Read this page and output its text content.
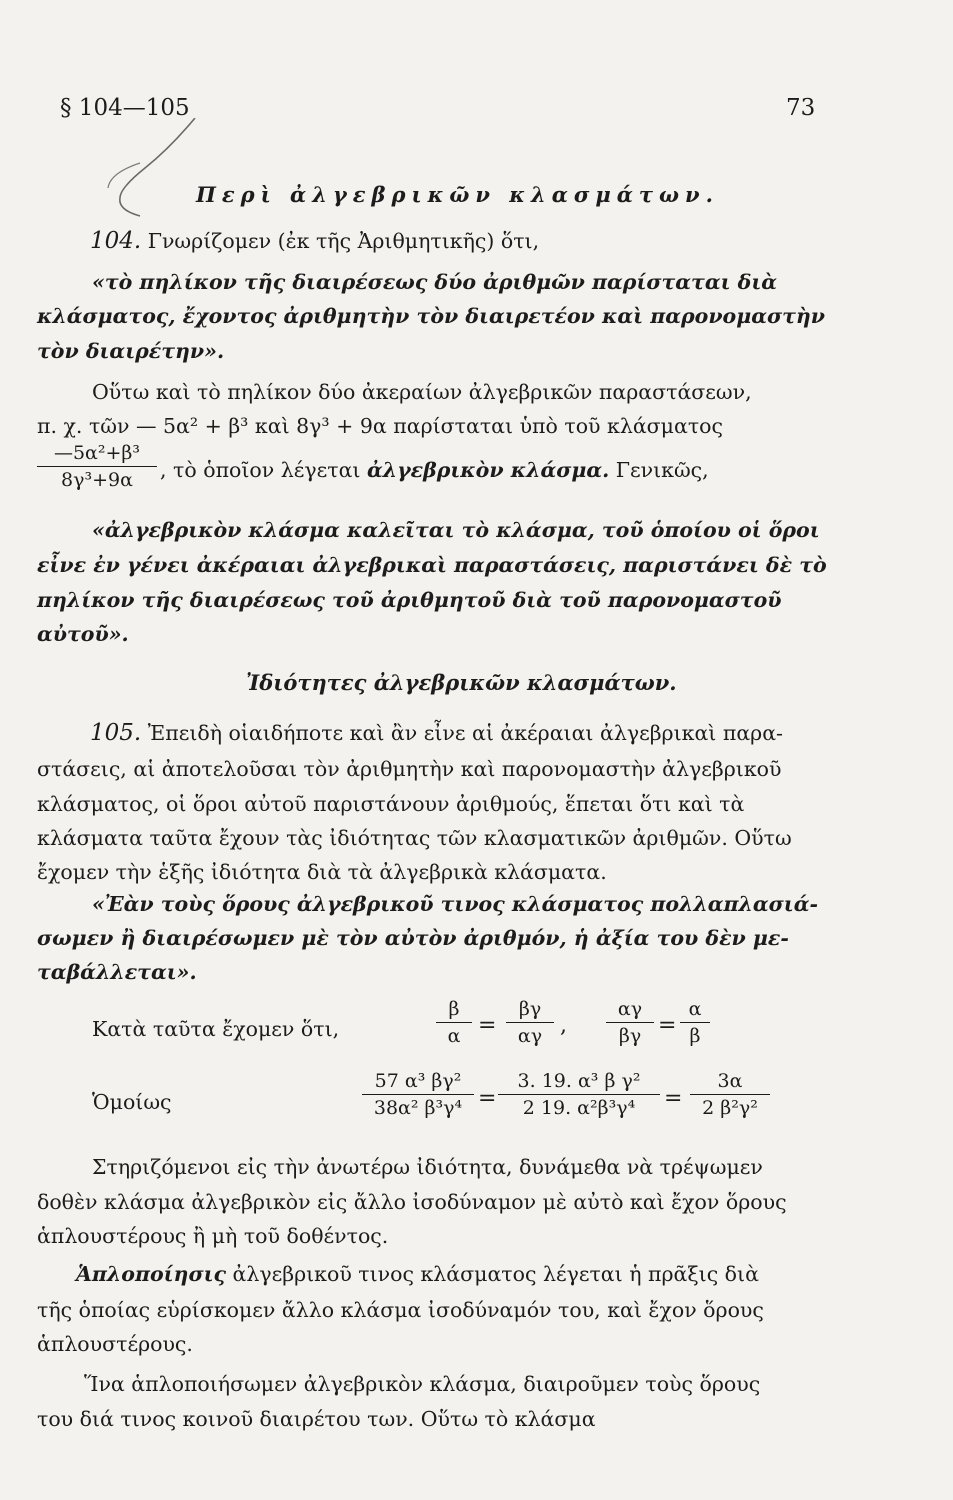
§ 104—105	73
Περὶ ἀλγεβρικῶν κλασμάτων.
104. Γνωρίζομεν (ἐκ τῆς Ἀριθμητικῆς) ὅτι,
«τὸ πηλίκον τῆς διαιρέσεως δύο ἀριθμῶν παρίσταται διὰ
κλάσματος, ἔχοντος ἀριθμητὴν τὸν διαιρετέον καὶ παρονομαστὴν
τὸν διαιρέτην».
Οὕτω καὶ τὸ πηλίκον δύο ἀκεραίων ἀλγεβρικῶν παραστάσεων,
π. χ. τῶν — 5α² + β³ καὶ 8γ³ + 9α παρίσταται ὑπὸ τοῦ κλάσματος
—5α²+β³
8γ³+9α	, τὸ ὁποῖον λέγεται ἀλγεβρικὸν κλάσμα. Γενικῶς,
«ἀλγεβρικὸν κλάσμα καλεῖται τὸ κλάσμα, τοῦ ὁποίου οἱ ὅροι
εἶνε ἐν γένει ἀκέραιαι ἀλγεβρικαὶ παραστάσεις, παριστάνει δὲ τὸ
πηλίκον τῆς διαιρέσεως τοῦ ἀριθμητοῦ διὰ τοῦ παρονομαστοῦ
αὐτοῦ».
Ἰδιότητες ἀλγεβρικῶν κλασμάτων.
105. Ἐπειδὴ οἱαιδήποτε καὶ ἂν εἶνε αἱ ἀκέραιαι ἀλγεβρικαὶ παρα-
στάσεις, αἱ ἀποτελοῦσαι τὸν ἀριθμητὴν καὶ παρονομαστὴν ἀλγεβρικοῦ
κλάσματος, οἱ ὅροι αὐτοῦ παριστάνουν ἀριθμούς, ἕπεται ὅτι καὶ τὰ
κλάσματα ταῦτα ἔχουν τὰς ἰδιότητας τῶν κλασματικῶν ἀριθμῶν. Οὕτω
ἔχομεν τὴν ἑξῆς ἰδιότητα διὰ τὰ ἀλγεβρικὰ κλάσματα.
«Ἐὰν τοὺς ὅρους ἀλγεβρικοῦ τινος κλάσματος πολλαπλασιά-
σωμεν ἢ διαιρέσωμεν μὲ τὸν αὐτὸν ἀριθμόν, ἡ ἀξία του δὲν με-
ταβάλλεται».
Κατὰ ταῦτα ἔχομεν ὅτι,
β
α =
βγ
αγ ,
αγ
βγ =
α
β
Ὁμοίως
57 α³ βγ²
38α² β³γ⁴ =
3. 19. α³ β γ²
2 19. α²β³γ⁴	=
3α
2 β²γ²
Στηριζόμενοι εἰς τὴν ἀνωτέρω ἰδιότητα, δυνάμεθα νὰ τρέψωμεν
δοθὲν κλάσμα ἀλγεβρικὸν εἰς ἄλλο ἰσοδύναμον μὲ αὐτὸ καὶ ἔχον ὅρους
ἁπλουστέρους ἢ μὴ τοῦ δοθέντος.
Ἁπλοποίησις ἀλγεβρικοῦ τινος κλάσματος λέγεται ἡ πρᾶξις διὰ
τῆς ὁποίας εὑρίσκομεν ἄλλο κλάσμα ἰσοδύναμόν του, καὶ ἔχον ὅρους
ἁπλουστέρους.
Ἵνα ἁπλοποιήσωμεν ἀλγεβρικὸν κλάσμα, διαιροῦμεν τοὺς ὅρους
του διά τινος κοινοῦ διαιρέτου των. Οὕτω τὸ κλάσμα
